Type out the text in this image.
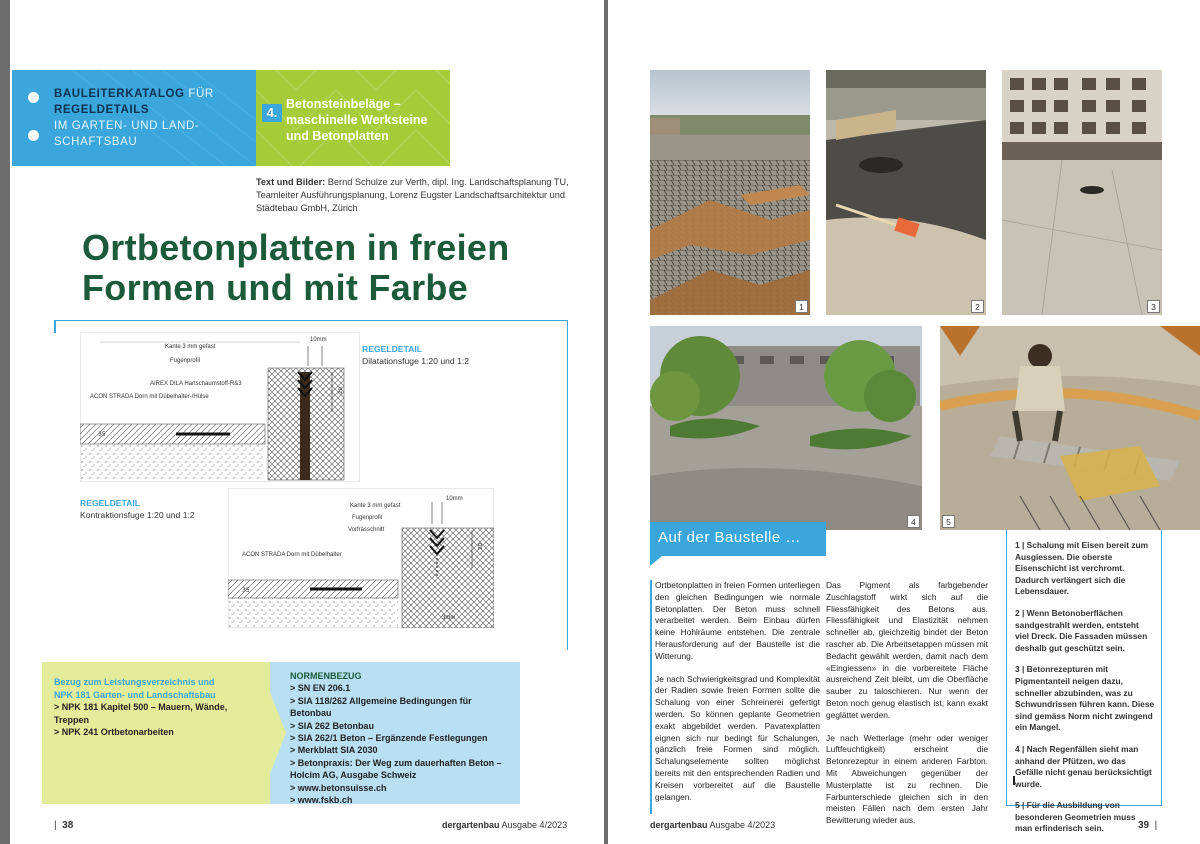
BAULEITERKATALOG FÜR
REGELDETAILS
IM GARTEN- UND LAND-
SCHAFTSBAU
4.
Betonsteinbeläge – maschinelle Werksteine und Betonplatten
Text und Bilder: Bernd Schulze zur Verth, dipl. Ing. Landschaftsplanung TU, Teamleiter Ausführungsplanung, Lorenz Eugster Landschaftsarchitektur und Städtebau GmbH, Zürich
Ortbetonplatten in freien
Formen und mit Farbe
35
20
Kante 3 mm gefast
10mm
Fugenprofil
AIREX DILA Hartschaumstoff-R&3
ACON STRADA Dorn mit Dübelhalter-/Hülse
REGELDETAIL
Dilatationsfuge 1:20 und 1:2
REGELDETAIL
Kontraktionsfuge 1:20 und 1:2
35
20
Kante 3 mm gefast
10mm
Fugenprofil
Vorfrässchnitt
ACON STRADA Dorn mit Dübelhalter
3mm
Bezug zum Leistungsverzeichnis und
NPK 181 Garten- und Landschaftsbau
> NPK 181 Kapitel 500 – Mauern, Wände, Treppen
> NPK 241 Ortbetonarbeiten
NORMENBEZUG
> SN EN 206.1
> SIA 118/262 Allgemeine Bedingungen für Betonbau
> SIA 262 Betonbau
> SIA 262/1 Beton – Ergänzende Festlegungen
> Merkblatt SIA 2030
> Betonpraxis: Der Weg zum dauerhaften Beton – Holcim AG, Ausgabe Schweiz
> www.betonsuisse.ch
> www.fskb.ch
|  38	dergartenbau Ausgabe 4/2023
1	2	3
4	5
Auf der Baustelle …

Ortbetonplatten in freien Formen unterliegen den gleichen Bedingungen wie normale Betonplatten. Der Beton muss schnell verarbeitet werden. Beim Einbau dürfen keine Hohlräume entstehen. Die zentrale Herausforderung auf der Baustelle ist die Witterung.

Je nach Schwierigkeitsgrad und Komplexität der Radien sowie freien Formen sollte die Schalung von einer Schreinerei gefertigt werden. So können geplante Geometrien exakt abgebildet werden. Pavatexplatten eignen sich nur bedingt für Schalungen, gänzlich freie Formen sind möglich. Schalungselemente sollten möglichst bereits mit den entsprechenden Radien und Kreisen vorbereitet auf die Baustelle gelangen.

Das Pigment als farbgebender Zuschlagstoff wirkt sich auf die Fliessfähigkeit des Betons aus. Fliessfähigkeit und Elastizität nehmen schneller ab, gleichzeitig bindet der Beton rascher ab. Die Arbeitsetappen müssen mit Bedacht gewählt werden, damit nach dem «Eingiessen» in die vorbereitete Fläche ausreichend Zeit bleibt, um die Oberfläche sauber zu taloschieren. Nur wenn der Beton noch genug elastisch ist, kann exakt geglättet werden.

Je nach Wetterlage (mehr oder weniger Luftfeuchtigkeit) erscheint die Betonrezeptur in einem anderen Farbton. Mit Abweichungen gegenüber der Musterplatte ist zu rechnen. Die Farbunterschiede gleichen sich in den meisten Fällen nach dem ersten Jahr Bewitterung wieder aus.

1 | Schalung mit Eisen bereit zum Ausgiessen. Die oberste Eisenschicht ist verchromt. Dadurch verlängert sich die Lebensdauer.
2 | Wenn Betonoberflächen sandgestrahlt werden, entsteht viel Dreck. Die Fassaden müssen deshalb gut geschützt sein.
3 | Betonrezepturen mit Pigmentanteil neigen dazu, schneller abzubinden, was zu Schwundrissen führen kann. Diese sind gemäss Norm nicht zwingend ein Mangel.
4 | Nach Regenfällen sieht man anhand der Pfützen, wo das Gefälle nicht genau berücksichtigt wurde.
5 | Für die Ausbildung von besonderen Geometrien muss man erfinderisch sein.
dergartenbau Ausgabe 4/2023	39  |
